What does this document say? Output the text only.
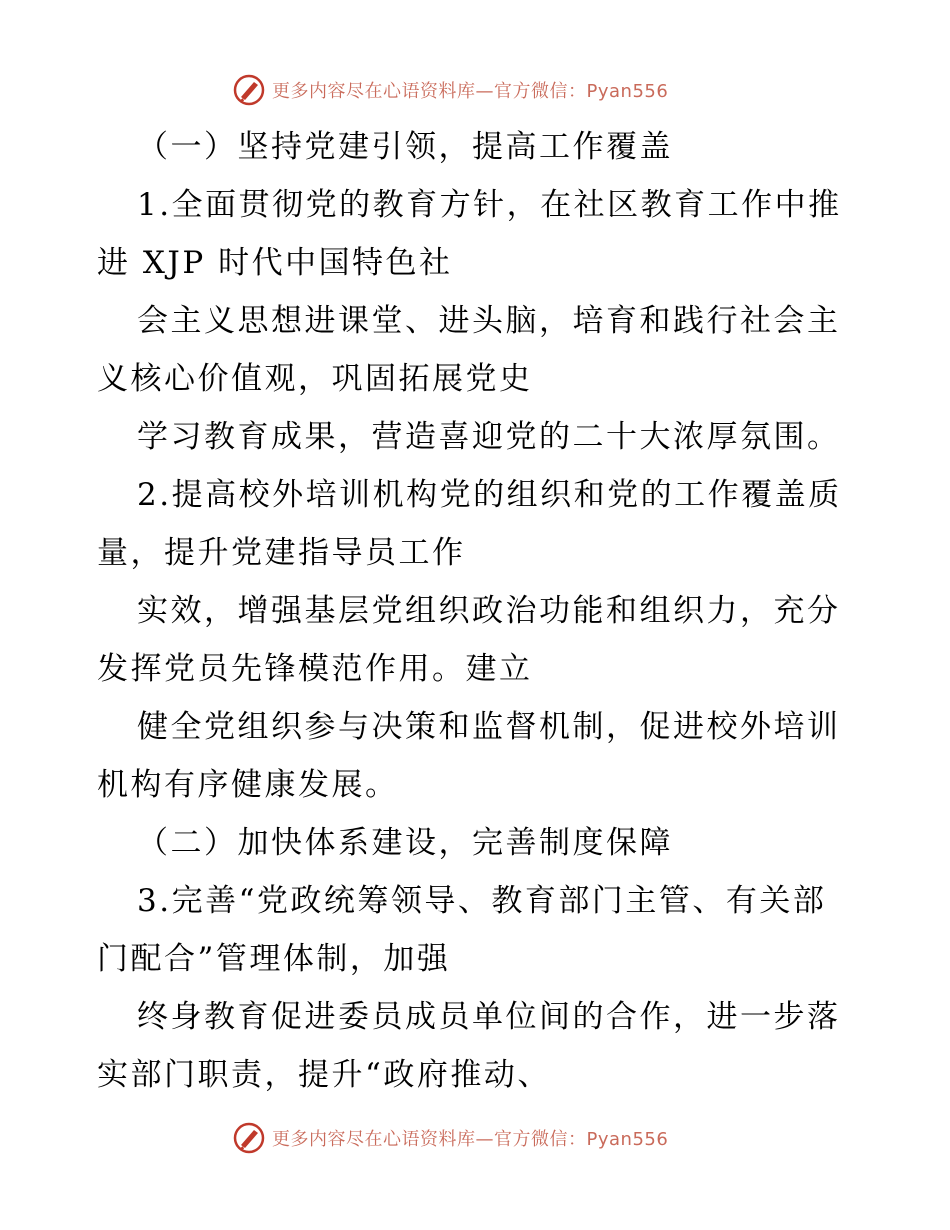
更多内容尽在心语资料库—官方微信：Pyan556
（一）坚持党建引领，提高工作覆盖
1.全面贯彻党的教育方针，在社区教育工作中推
进 XJP 时代中国特色社
会主义思想进课堂、进头脑，培育和践行社会主
义核心价值观，巩固拓展党史
学习教育成果，营造喜迎党的二十大浓厚氛围。
2.提高校外培训机构党的组织和党的工作覆盖质
量，提升党建指导员工作
实效，增强基层党组织政治功能和组织力，充分
发挥党员先锋模范作用。建立
健全党组织参与决策和监督机制，促进校外培训
机构有序健康发展。
（二）加快体系建设，完善制度保障
3.完善“党政统筹领导、教育部门主管、有关部
门配合”管理体制，加强
终身教育促进委员成员单位间的合作，进一步落
实部门职责，提升“政府推动、
更多内容尽在心语资料库—官方微信：Pyan556
